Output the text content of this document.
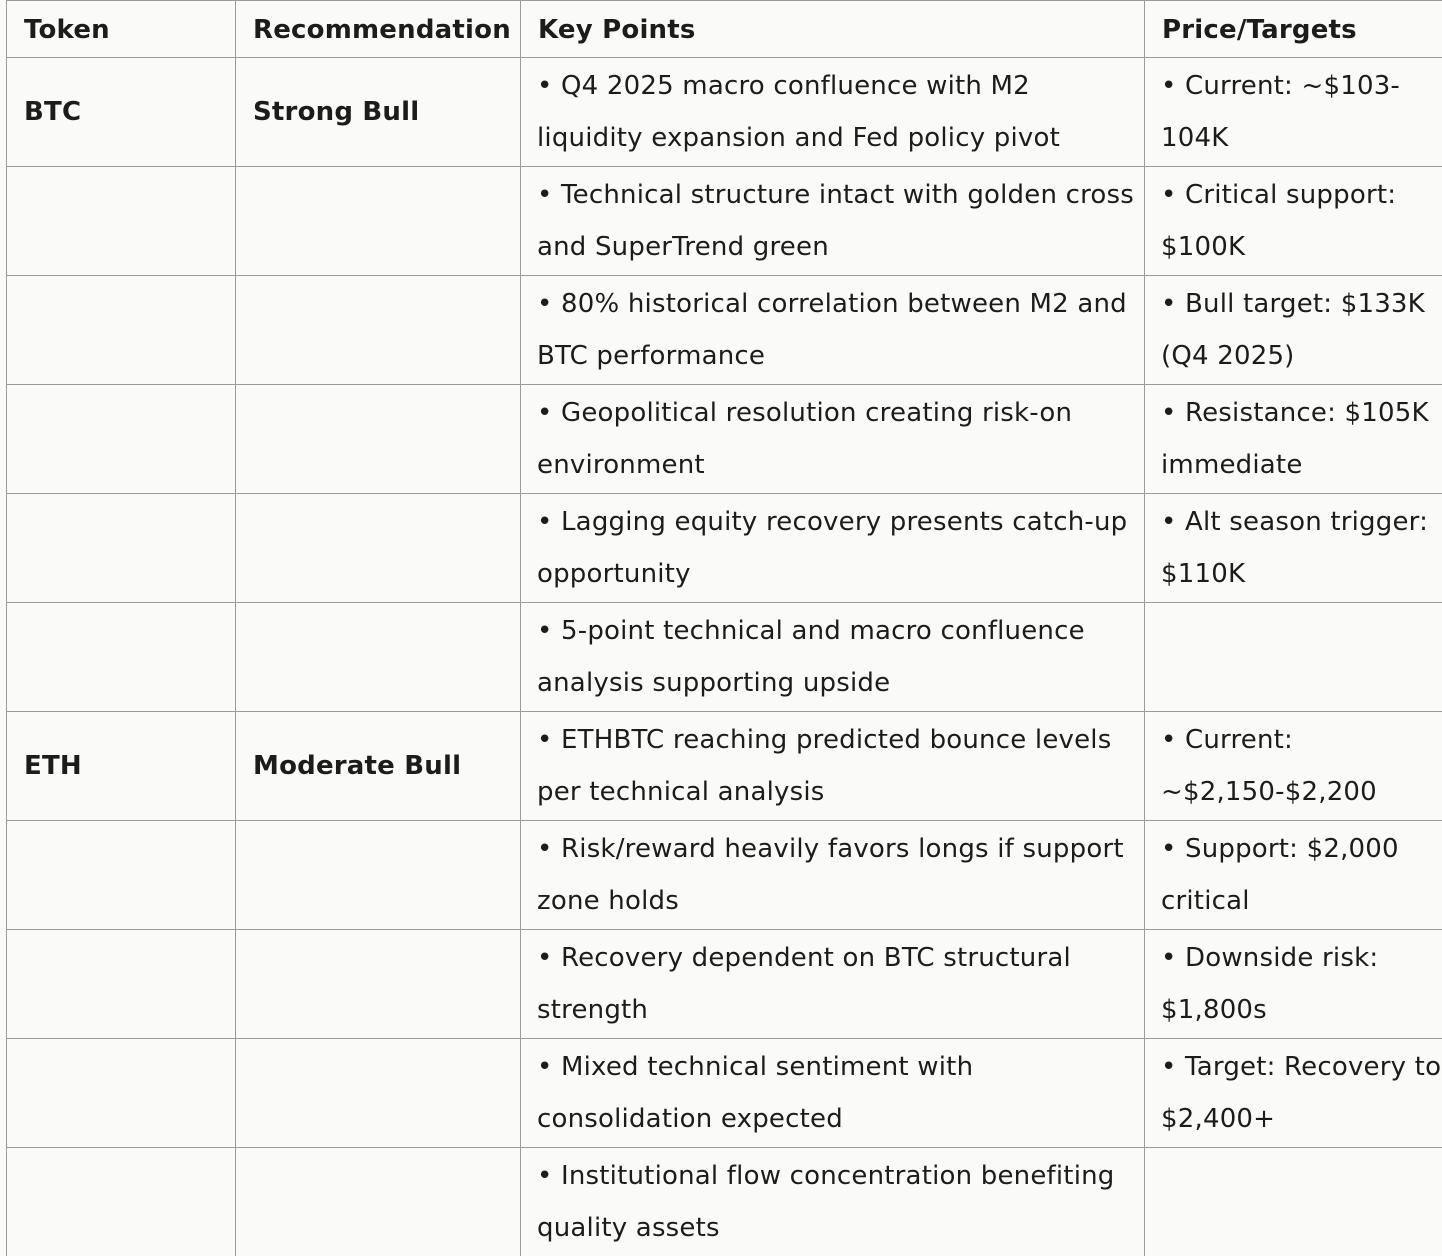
Token	Recommendation	Key Points	Price/Targets
BTC	Strong Bull	• Q4 2025 macro confluence with M2 liquidity expansion and Fed policy pivot	• Current: ~$103-104K
		• Technical structure intact with golden cross and SuperTrend green	• Critical support: $100K
		• 80% historical correlation between M2 and BTC performance	• Bull target: $133K (Q4 2025)
		• Geopolitical resolution creating risk-on environment	• Resistance: $105K immediate
		• Lagging equity recovery presents catch-up opportunity	• Alt season trigger: $110K
		• 5-point technical and macro confluence analysis supporting upside	
ETH	Moderate Bull	• ETHBTC reaching predicted bounce levels per technical analysis	• Current: ~$2,150-$2,200
		• Risk/reward heavily favors longs if support zone holds	• Support: $2,000 critical
		• Recovery dependent on BTC structural strength	• Downside risk: $1,800s
		• Mixed technical sentiment with consolidation expected	• Target: Recovery to $2,400+
		• Institutional flow concentration benefiting quality assets	
